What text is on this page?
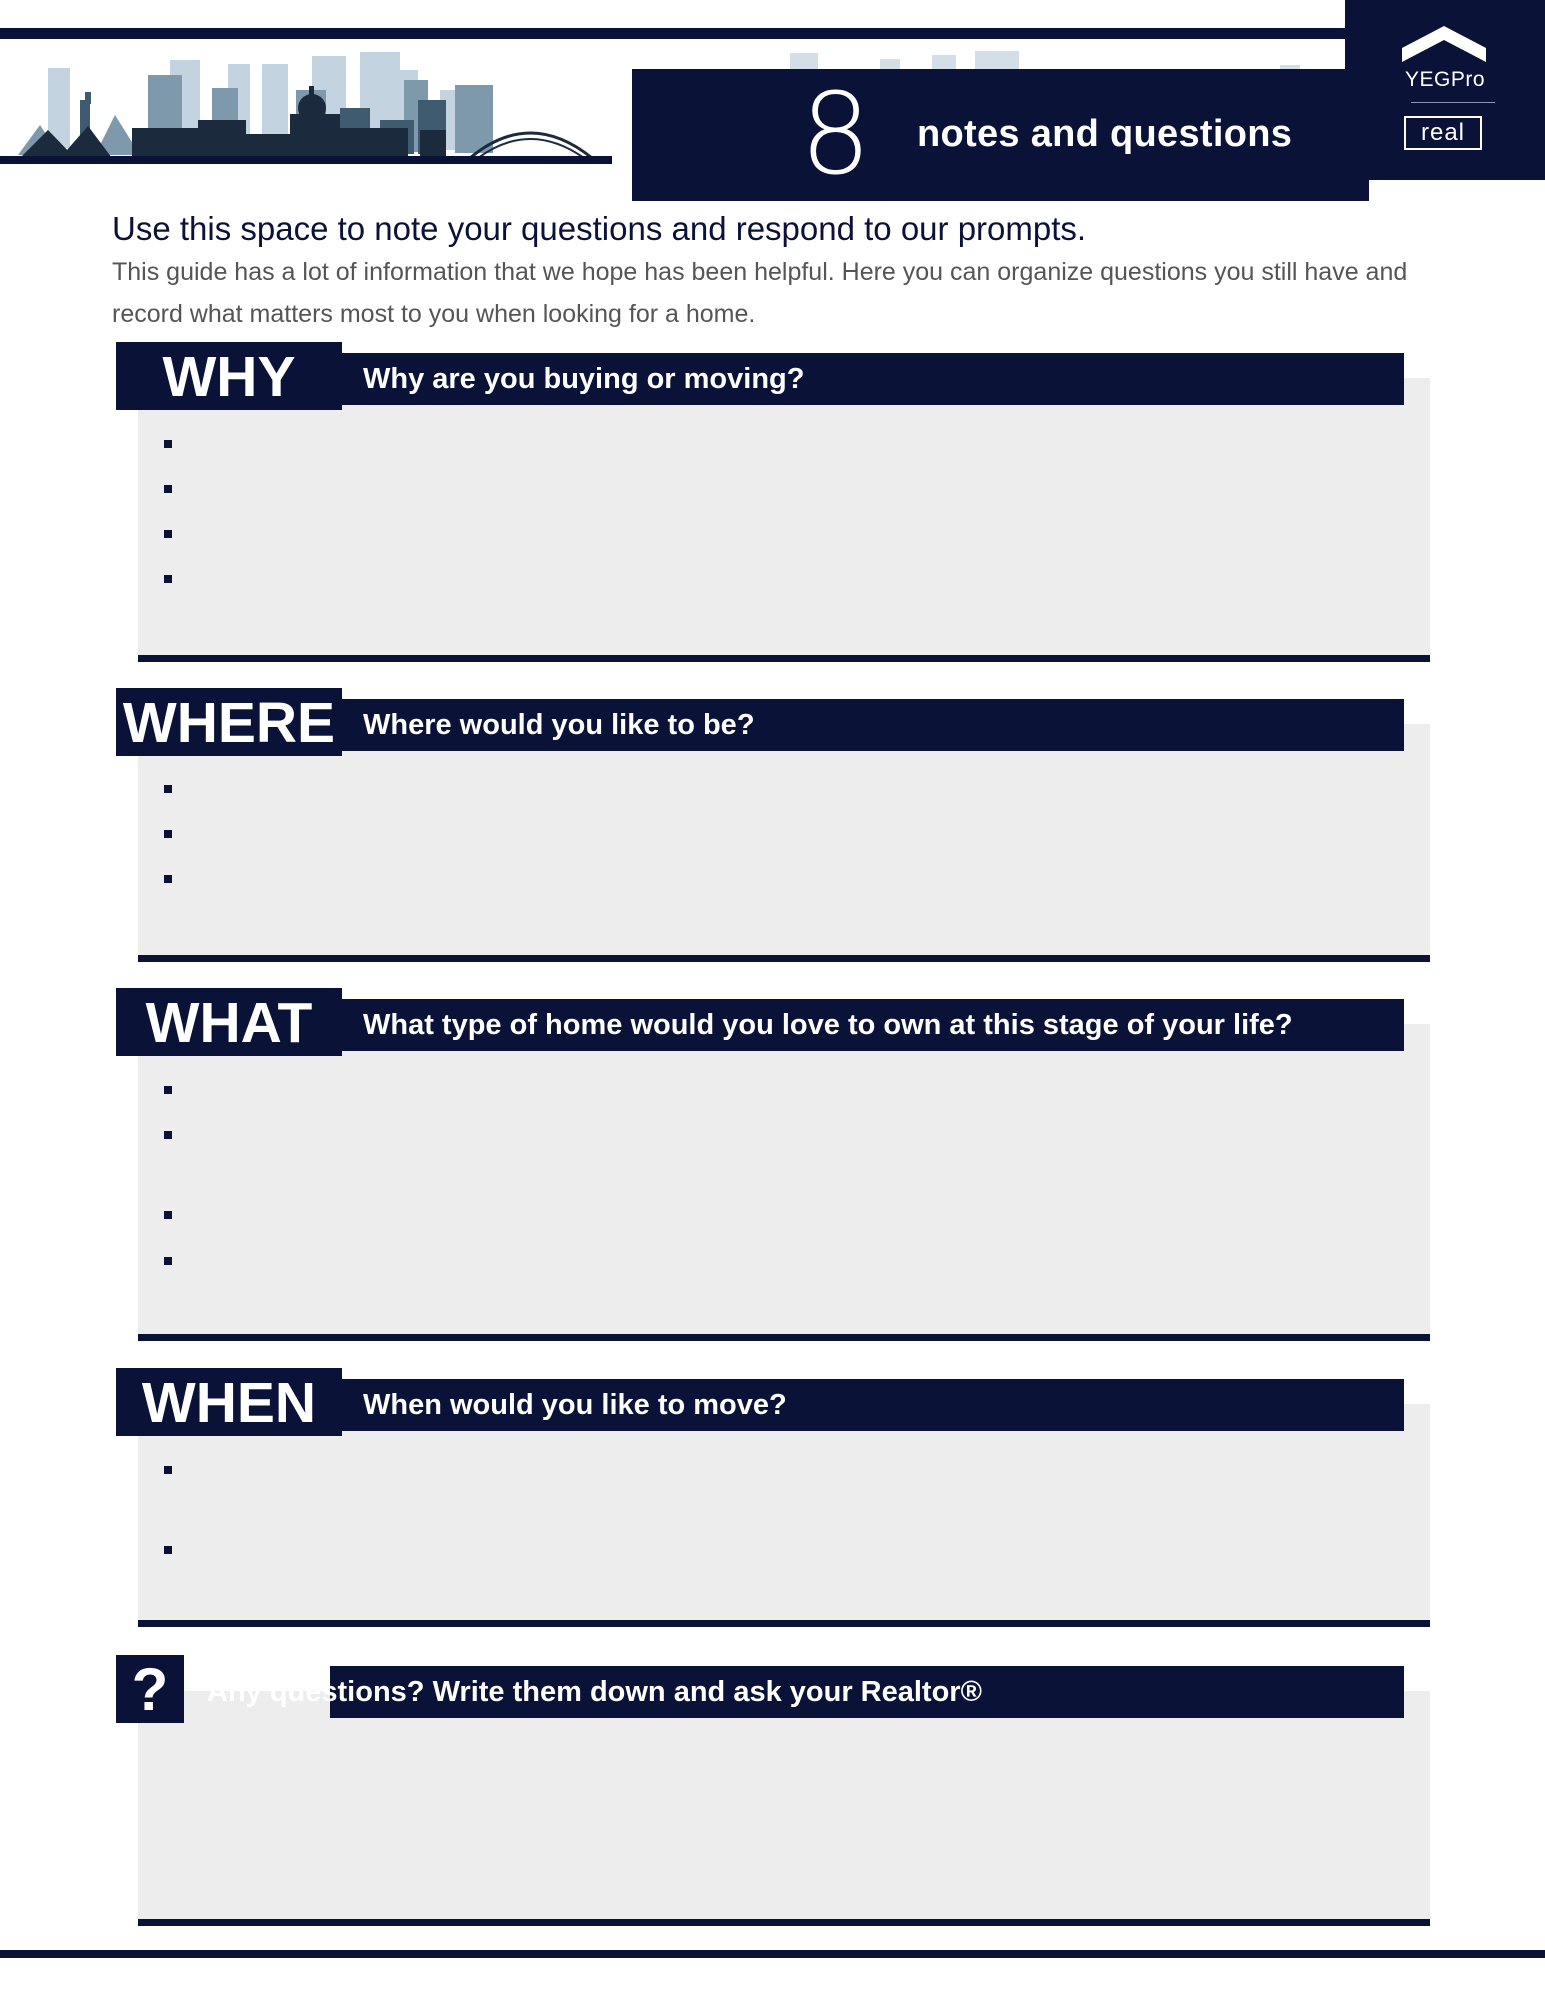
YEGPro
real
8 notes and questions
Use this space to note your questions and respond to our prompts.
This guide has a lot of information that we hope has been helpful. Here you can organize questions you still have and record what matters most to you when looking for a home.
Why are you buying or moving?
WHY
Where would you like to be?
WHERE
What type of home would you love to own at this stage of your life?
WHAT
When would you like to move?
WHEN
Any questions? Write them down and ask your Realtor®
?
